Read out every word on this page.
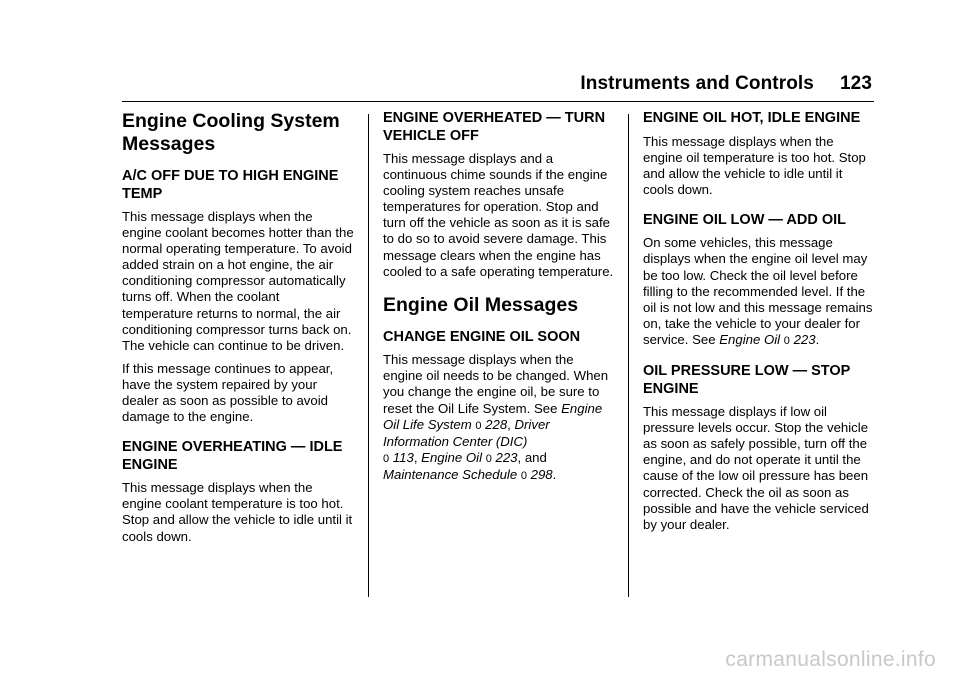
Instruments and Controls 123
Engine Cooling System Messages
A/C OFF DUE TO HIGH ENGINE TEMP

This message displays when the engine coolant becomes hotter than the normal operating temperature. To avoid added strain on a hot engine, the air conditioning compressor automatically turns off. When the coolant temperature returns to normal, the air conditioning compressor turns back on. The vehicle can continue to be driven.

If this message continues to appear, have the system repaired by your dealer as soon as possible to avoid damage to the engine.

ENGINE OVERHEATING — IDLE ENGINE

This message displays when the engine coolant temperature is too hot. Stop and allow the vehicle to idle until it cools down.

ENGINE OVERHEATED — TURN VEHICLE OFF

This message displays and a continuous chime sounds if the engine cooling system reaches unsafe temperatures for operation. Stop and turn off the vehicle as soon as it is safe to do so to avoid severe damage. This message clears when the engine has cooled to a safe operating temperature.

Engine Oil Messages
CHANGE ENGINE OIL SOON

This message displays when the engine oil needs to be changed. When you change the engine oil, be sure to reset the Oil Life System. See Engine Oil Life System 0 228, Driver Information Center (DIC)
0 113, Engine Oil 0 223, and
Maintenance Schedule 0 298.

ENGINE OIL HOT, IDLE ENGINE

This message displays when the engine oil temperature is too hot. Stop and allow the vehicle to idle until it cools down.

ENGINE OIL LOW — ADD OIL

On some vehicles, this message displays when the engine oil level may be too low. Check the oil level before filling to the recommended level. If the oil is not low and this message remains on, take the vehicle to your dealer for service. See Engine Oil 0 223.

OIL PRESSURE LOW — STOP ENGINE

This message displays if low oil pressure levels occur. Stop the vehicle as soon as safely possible, turn off the engine, and do not operate it until the cause of the low oil pressure has been corrected. Check the oil as soon as possible and have the vehicle serviced by your dealer.

carmanualsonline.info
